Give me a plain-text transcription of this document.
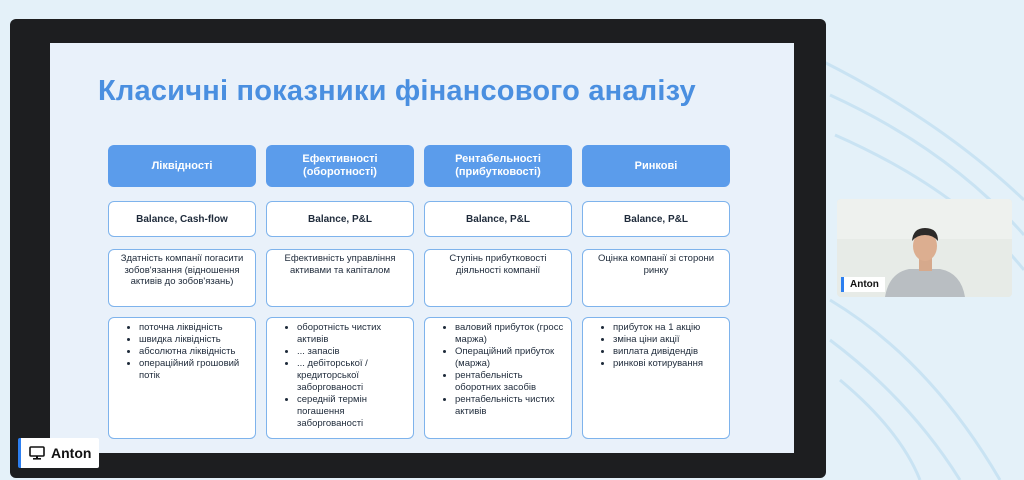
Класичні показники фінансового аналізу
Ліквідності
Balance, Cash-flow
Здатність компанії погасити зобов'язання (відношення активів до зобов'язань)
• поточна ліквідність
• швидка ліквідність
• абсолютна ліквідність
• операційний грошовий потік
Ефективності (оборотності)
Balance, P&L
Ефективність управління активами та капіталом
• оборотність чистих активів
• ... запасів
• ... дебіторської / кредиторської заборгованості
• середній термін погашення заборгованості
Рентабельності (прибутковості)
Balance, P&L
Ступінь прибутковості діяльності компанії
• валовий прибуток (гросс маржа)
• Операційний прибуток (маржа)
• рентабельність оборотних засобів
• рентабельність чистих активів
Ринкові
Balance, P&L
Оцінка компанії зі сторони ринку
• прибуток на 1 акцію
• зміна ціни акції
• виплата дивідендів
• ринкові котирування
Anton
Anton
